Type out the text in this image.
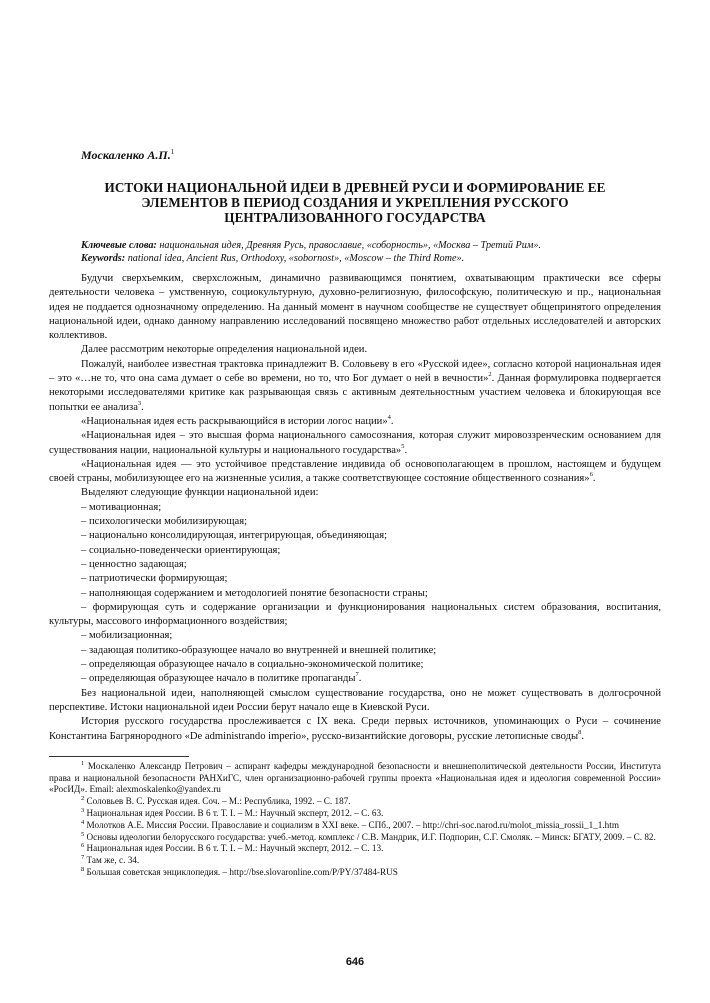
Москаленко А.П.$^1$
ИСТОКИ НАЦИОНАЛЬНОЙ ИДЕИ В ДРЕВНЕЙ РУСИ И ФОРМИРОВАНИЕ ЕЕ ЭЛЕМЕНТОВ В ПЕРИОД СОЗДАНИЯ И УКРЕПЛЕНИЯ РУССКОГО ЦЕНТРАЛИЗОВАННОГО ГОСУДАРСТВА
Ключевые слова: национальная идея, Древняя Русь, православие, «соборность», «Москва – Третий Рим».
Keywords: national idea, Ancient Rus, Orthodoxy, «sobornost», «Moscow – the Third Rome».

Будучи сверхъемким, сверхсложным, динамично развивающимся понятием, охватывающим практически все сферы деятельности человека – умственную, социокультурную, духовно-религиозную, философскую, политическую и пр., национальная идея не поддается однозначному определению. На данный момент в научном сообществе не существует общепринятого определения национальной идеи, однако данному направлению исследований посвящено множество работ отдельных исследователей и авторских коллективов.

Далее рассмотрим некоторые определения национальной идеи.

Пожалуй, наиболее известная трактовка принадлежит В. Соловьеву в его «Русской идее», согласно которой национальная идея – это «…не то, что она сама думает о себе во времени, но то, что Бог думает о ней в вечности»$^2$. Данная формулировка подвергается некоторыми исследователями критике как разрывающая связь с активным деятельностным участием человека и блокирующая все попытки ее анализа$^3$.

«Национальная идея есть раскрывающийся в истории логос нации»$^4$.

«Национальная идея – это высшая форма национального самосознания, которая служит мировоззренческим основанием для существования нации, национальной культуры и национального государства»$^5$.

«Национальная идея — это устойчивое представление индивида об основополагающем в прошлом, настоящем и будущем своей страны, мобилизующее его на жизненные усилия, а также соответствующее состояние общественного сознания»$^6$.

Выделяют следующие функции национальной идеи:

– мотивационная;

– психологически мобилизирующая;

– национально консолидирующая, интегрирующая, объединяющая;

– социально-поведенчески ориентирующая;

– ценностно задающая;

– патриотически формирующая;

– наполняющая содержанием и методологией понятие безопасности страны;

– формирующая суть и содержание организации и функционирования национальных систем образования, воспитания, культуры, массового информационного воздействия;

– мобилизационная;

– задающая политико-образующее начало во внутренней и внешней политике;

– определяющая образующее начало в социально-экономической политике;

– определяющая образующее начало в политике пропаганды$^7$.

Без национальной идеи, наполняющей смыслом существование государства, оно не может существовать в долгосрочной перспективе. Истоки национальной идеи России берут начало еще в Киевской Руси.

История русского государства прослеживается с IX века. Среди первых источников, упоминающих о Руси – сочинение Константина Багрянородного «De administrando imperio», русско-византийские договоры, русские летописные своды$^8$.

$^1$ Москаленко Александр Петрович – аспирант кафедры международной безопасности и внешнеполитической деятельности России, Института права и национальной безопасности РАНХиГС, член организационно-рабочей группы проекта «Национальная идея и идеология современной России» «РосИД». Email: alexmoskalenko@yandex.ru

$^2$ Соловьев В. С. Русская идея. Соч. – М.: Республика, 1992. – С. 187.

$^3$ Национальная идея России. В 6 т. Т. I. – М.: Научный эксперт, 2012. – С. 63.

$^4$ Молотков А.Е. Миссия России. Православие и социализм в XXI веке. – СПб., 2007. – http://chri-soc.narod.ru/molot_missia_rossii_1_1.htm

$^5$ Основы идеологии белорусского государства: учеб.-метод. комплекс / С.В. Мандрик, И.Г. Подпорин, С.Г. Смоляк. – Минск: БГАТУ, 2009. – С. 82.

$^6$ Национальная идея России. В 6 т. Т. I. – М.: Научный эксперт, 2012. – С. 13.

$^7$ Там же, с. 34.

$^8$ Большая советская энциклопедия. – http://bse.slovaronline.com/P/PY/37484-RUS

646
